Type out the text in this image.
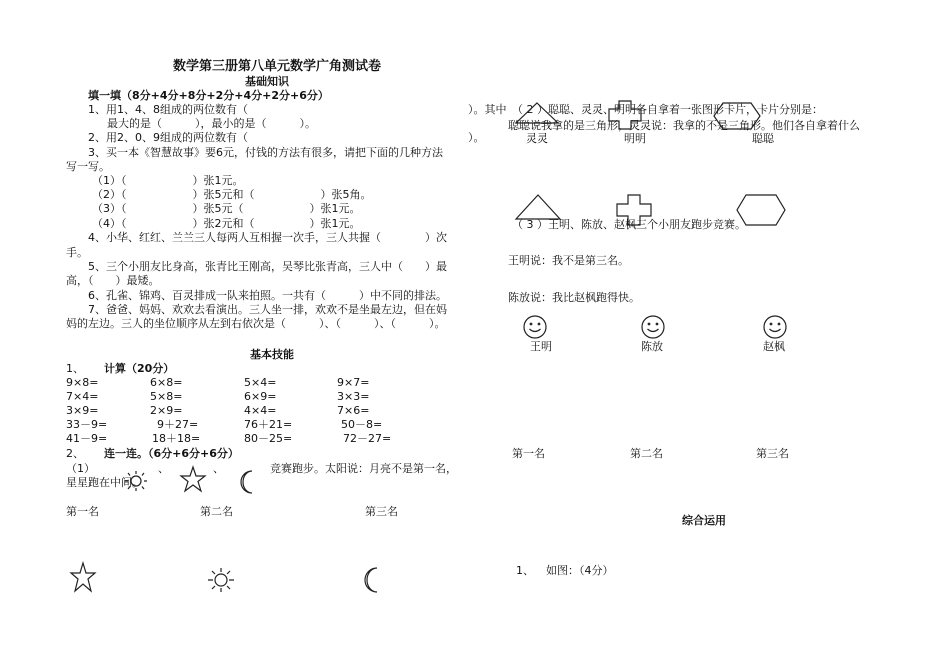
数学第三册第八单元数学广角测试卷
基础知识
填一填（8分+4分+8分+2分+4分+2分+6分）
1、用1、4、8组成的两位数有（　　　　　　　　　　　　　　　　　　　　）。其中
最大的是（　　　），最小的是（　　　）。
2、用2、0、9组成的两位数有（　　　　　　　　　　　　　　　　　　　　）。
3、买一本《智慧故事》要6元，付钱的方法有很多，请把下面的几种方法
写一写。
（1）（　　　　　　）张1元。
（2）（　　　　　　）张5元和（　　　　　　）张5角。
（3）（　　　　　　）张5元（　　　　　　）张1元。
（4）（　　　　　　）张2元和（　　　　　）张1元。
4、小华、红红、兰兰三人每两人互相握一次手，三人共握（　　　　）次
手。
5、三个小朋友比身高，张青比王刚高，吴琴比张青高，三人中（　　）最
高，（　　）最矮。
6、孔雀、锦鸡、百灵排成一队来拍照。一共有（　　　）中不同的排法。
7、爸爸、妈妈、欢欢去看演出。三人坐一排，欢欢不是坐最左边，但在妈
妈的左边。三人的坐位顺序从左到右依次是（　　　）、（　　　）、（　　　）。
基本技能
1、 计算（20分）
9×8=	6×8=	5×4=	9×7=
7×4=	5×8=	6×9=	3×3=
3×9=	2×9=	4×4=	7×6=
33－9=	9＋27=	76＋21=	50－8=
41－9=	18＋18=	80－25=	72－27=
2、 连一连。（6分+6分+6分）
（1）	、	、	竞赛跑步。太阳说：月亮不是第一名，
星星跑在中间。
第一名	第二名	第三名
（ 2 ）聪聪、灵灵、明明各自拿着一张图形卡片，卡片分别是：
聪聪说我拿的是三角形，灵灵说：我拿的不是三角形。他们各自拿着什么
灵灵	明明	聪聪
（ 3 ）王明、陈放、赵枫三个小朋友跑步竞赛。
王明说：我不是第三名。
陈放说：我比赵枫跑得快。
王明	陈放	赵枫
第一名	第二名	第三名
综合运用
1、 如图：（4分）
